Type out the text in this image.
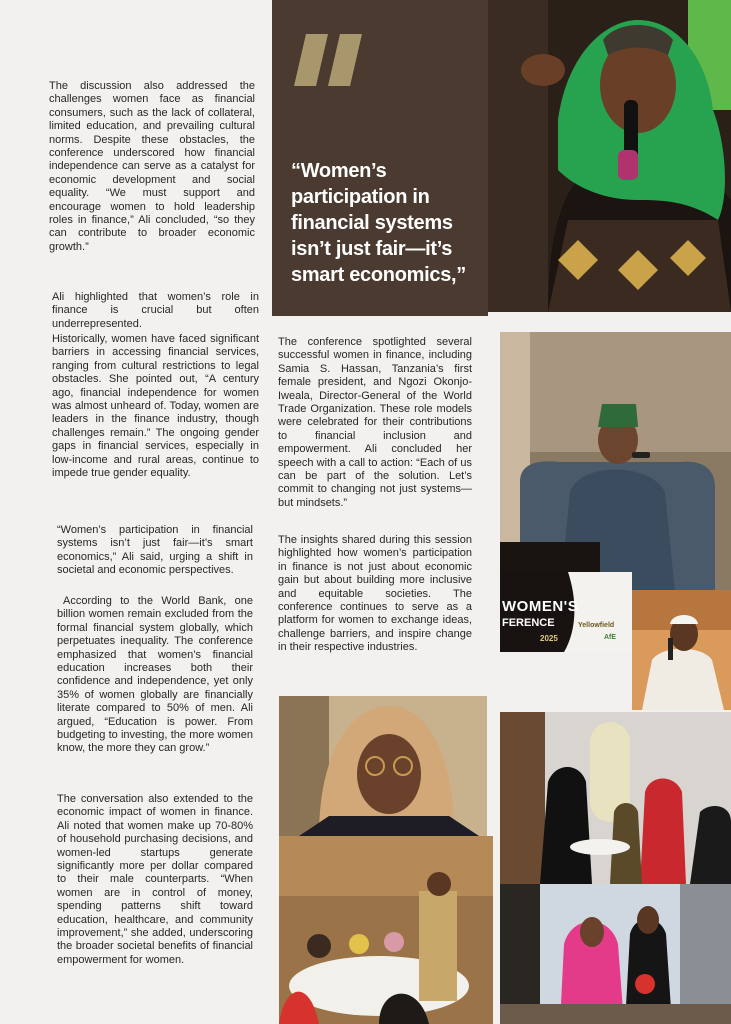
The discussion also addressed the challenges women face as financial consumers, such as the lack of collateral, limited education, and prevailing cultural norms. Despite these obstacles, the conference underscored how financial independence can serve as a catalyst for economic development and social equality. “We must support and encourage women to hold leadership roles in finance,” Ali concluded, “so they can contribute to broader economic growth.”

Ali highlighted that women’s role in finance is crucial but often underrepresented.

Historically, women have faced significant barriers in accessing financial services, ranging from cultural restrictions to legal obstacles. She pointed out, “A century ago, financial independence for women was almost unheard of. Today, women are leaders in the finance industry, though challenges remain.” The ongoing gender gaps in financial services, especially in low-income and rural areas, continue to impede true gender equality.

“Women’s participation in financial systems isn’t just fair—it’s smart economics,” Ali said, urging a shift in societal and economic perspectives.

According to the World Bank, one billion women remain excluded from the formal financial system globally, which perpetuates inequality. The conference emphasized that women’s financial education increases both their confidence and independence, yet only 35% of women globally are financially literate compared to 50% of men. Ali argued, “Education is power. From budgeting to investing, the more women know, the more they can grow.”

The conversation also extended to the economic impact of women in finance. Ali noted that women make up 70-80% of household purchasing decisions, and women-led startups generate significantly more per dollar compared to their male counterparts. “When women are in control of money, spending patterns shift toward education, healthcare, and community improvement,” she added, underscoring the broader societal benefits of financial empowerment for women.

The conference spotlighted several successful women in finance, including Samia S. Hassan, Tanzania’s first female president, and Ngozi Okonjo-Iweala, Director-General of the World Trade Organization. These role models were celebrated for their contributions to financial inclusion and empowerment. Ali concluded her speech with a call to action: “Each of us can be part of the solution. Let’s commit to changing not just systems—but mindsets.”

The insights shared during this session highlighted how women’s participation in finance is not just about economic gain but about building more inclusive and equitable societies. The conference continues to serve as a platform for women to exchange ideas, challenge barriers, and inspire change in their respective industries.

“Women’s participation in financial systems isn’t just fair—it’s smart economics,”
WOMEN'S
FERENCE
2025
Yellowfield
AfE
